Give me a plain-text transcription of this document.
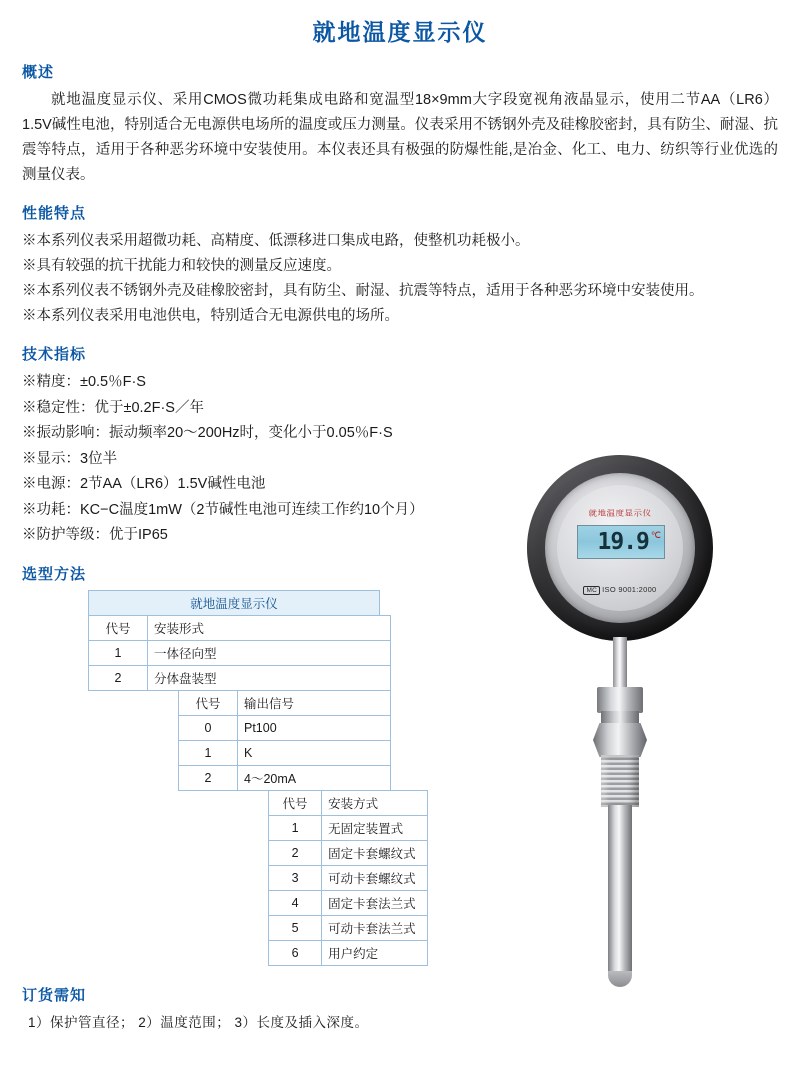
就地温度显示仪
概述

就地温度显示仪、采用CMOS微功耗集成电路和宽温型18×9mm大字段宽视角液晶显示，使用二节AA（LR6）1.5V碱性电池，特别适合无电源供电场所的温度或压力测量。仪表采用不锈钢外壳及硅橡胶密封，具有防尘、耐湿、抗震等特点，适用于各种恶劣环境中安装使用。本仪表还具有极强的防爆性能,是冶金、化工、电力、纺织等行业优选的测量仪表。

性能特点
※本系列仪表采用超微功耗、高精度、低漂移进口集成电路，使整机功耗极小。
※具有较强的抗干扰能力和较快的测量反应速度。
※本系列仪表不锈钢外壳及硅橡胶密封，具有防尘、耐湿、抗震等特点，适用于各种恶劣环境中安装使用。
※本系列仪表采用电池供电，特别适合无电源供电的场所。
技术指标
※精度：±0.5％F·S
※稳定性：优于±0.2F·S／年
※振动影响：振动频率20～200Hz时，变化小于0.05％F·S
※显示：3位半
※电源：2节AA（LR6）1.5V碱性电池
※功耗：KC−C温度1mW（2节碱性电池可连续工作约10个月）
※防护等级：优于IP65
选型方法
就地温度显示仪
代号	安装形式
1	一体径向型
2	分体盘装型
代号	输出信号
0	Pt100
1	K
2	4～20mA
代号	安装方式
1	无固定装置式
2	固定卡套螺纹式
3	可动卡套螺纹式
4	固定卡套法兰式
5	可动卡套法兰式
6	用户约定
订货需知
1）保护管直径； 2）温度范围； 3）长度及插入深度。
就地温度显示仪
19.9 ℃
MC ISO 9001:2000
